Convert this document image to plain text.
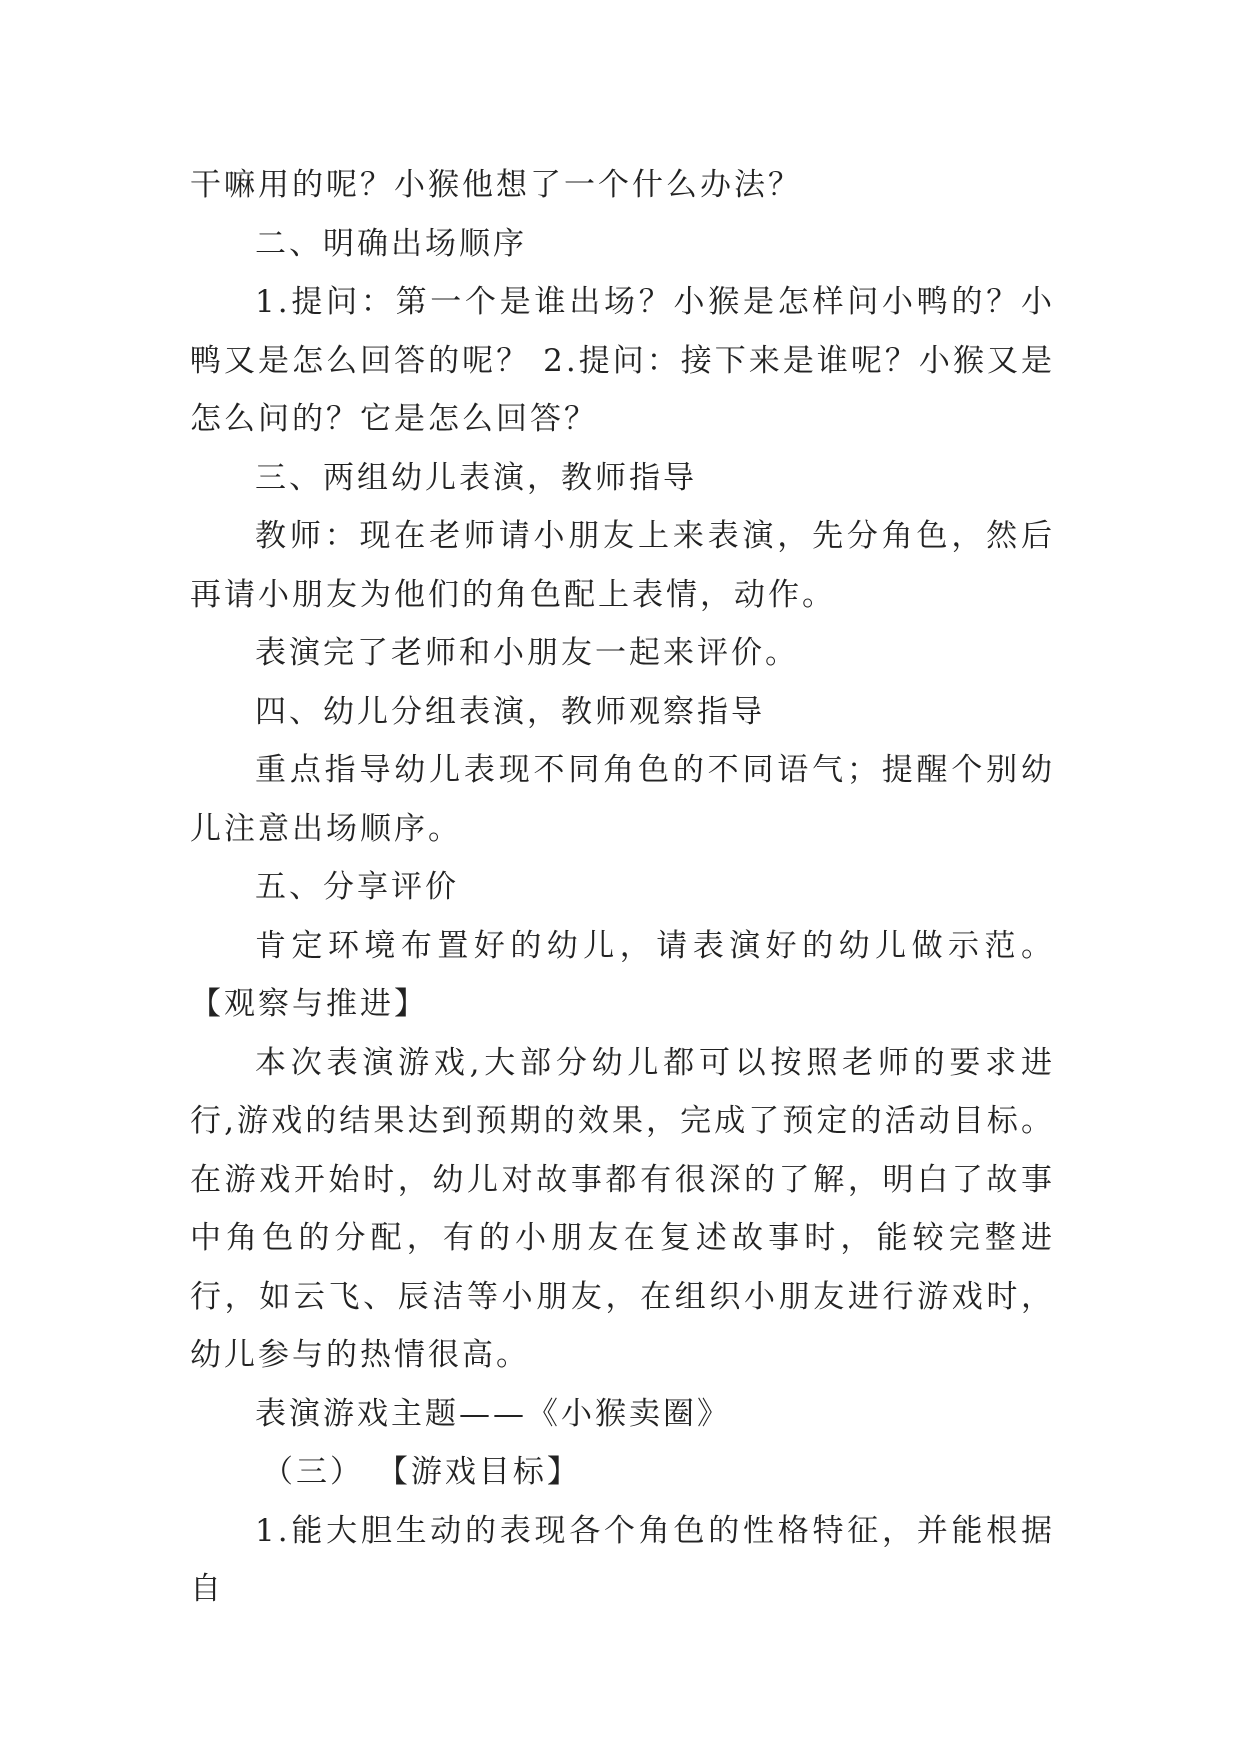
干嘛用的呢？小猴他想了一个什么办法？

二、明确出场顺序

1.提问：第一个是谁出场？小猴是怎样问小鸭的？小鸭又是怎么回答的呢？ 2.提问：接下来是谁呢？小猴又是怎么问的？它是怎么回答？

三、两组幼儿表演，教师指导

教师：现在老师请小朋友上来表演，先分角色，然后再请小朋友为他们的角色配上表情，动作。

表演完了老师和小朋友一起来评价。

四、幼儿分组表演，教师观察指导

重点指导幼儿表现不同角色的不同语气；提醒个别幼儿注意出场顺序。

五、分享评价

肯定环境布置好的幼儿，请表演好的幼儿做示范。【观察与推进】

本次表演游戏,大部分幼儿都可以按照老师的要求进行,游戏的结果达到预期的效果，完成了预定的活动目标。在游戏开始时，幼儿对故事都有很深的了解，明白了故事中角色的分配，有的小朋友在复述故事时，能较完整进行，如云飞、辰洁等小朋友，在组织小朋友进行游戏时，幼儿参与的热情很高。

表演游戏主题——《小猴卖圈》

（三） 【游戏目标】

1.能大胆生动的表现各个角色的性格特征，并能根据自
